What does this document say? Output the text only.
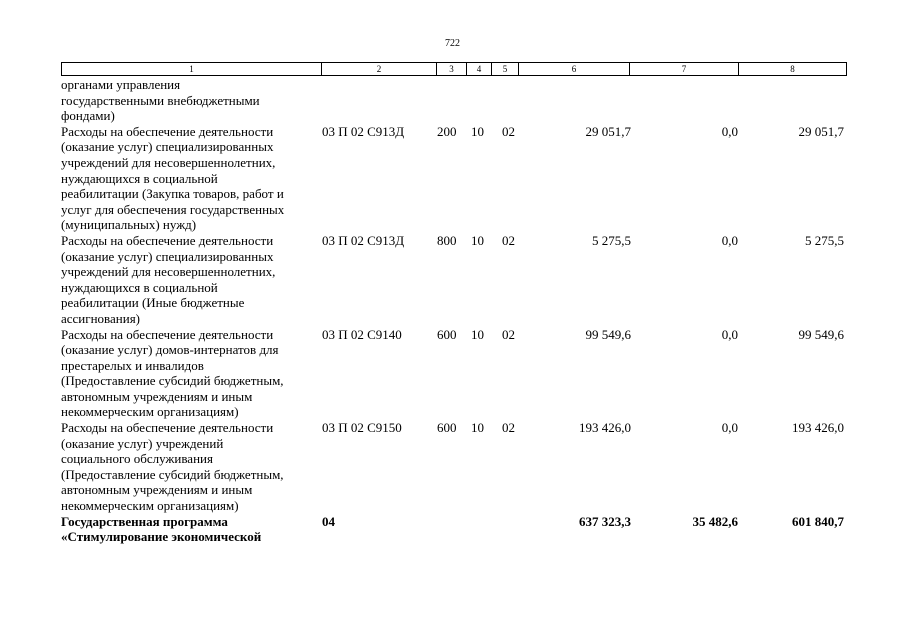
722
1	2	3	4	5	6	7	8
органами управления
государственными внебюджетными
фондами)
Расходы на обеспечение деятельности
(оказание услуг) специализированных
учреждений для несовершеннолетних,
нуждающихся в социальной
реабилитации (Закупка товаров, работ и
услуг для обеспечения государственных
(муниципальных) нужд)
03 П 02 С913Д	200 10 02	29 051,7	0,0	29 051,7
Расходы на обеспечение деятельности
(оказание услуг) специализированных
учреждений для несовершеннолетних,
нуждающихся в социальной
реабилитации (Иные бюджетные
ассигнования)
03 П 02 С913Д	800 10 02	5 275,5	0,0	5 275,5
Расходы на обеспечение деятельности
(оказание услуг) домов-интернатов для
престарелых и инвалидов
(Предоставление субсидий бюджетным,
автономным учреждениям и иным
некоммерческим организациям)
03 П 02 С9140	600 10 02	99 549,6	0,0	99 549,6
Расходы на обеспечение деятельности
(оказание услуг) учреждений
социального обслуживания
(Предоставление субсидий бюджетным,
автономным учреждениям и иным
некоммерческим организациям)
03 П 02 С9150	600 10 02	193 426,0	0,0	193 426,0
Государственная программа
«Стимулирование экономической
04	637 323,3	35 482,6	601 840,7
